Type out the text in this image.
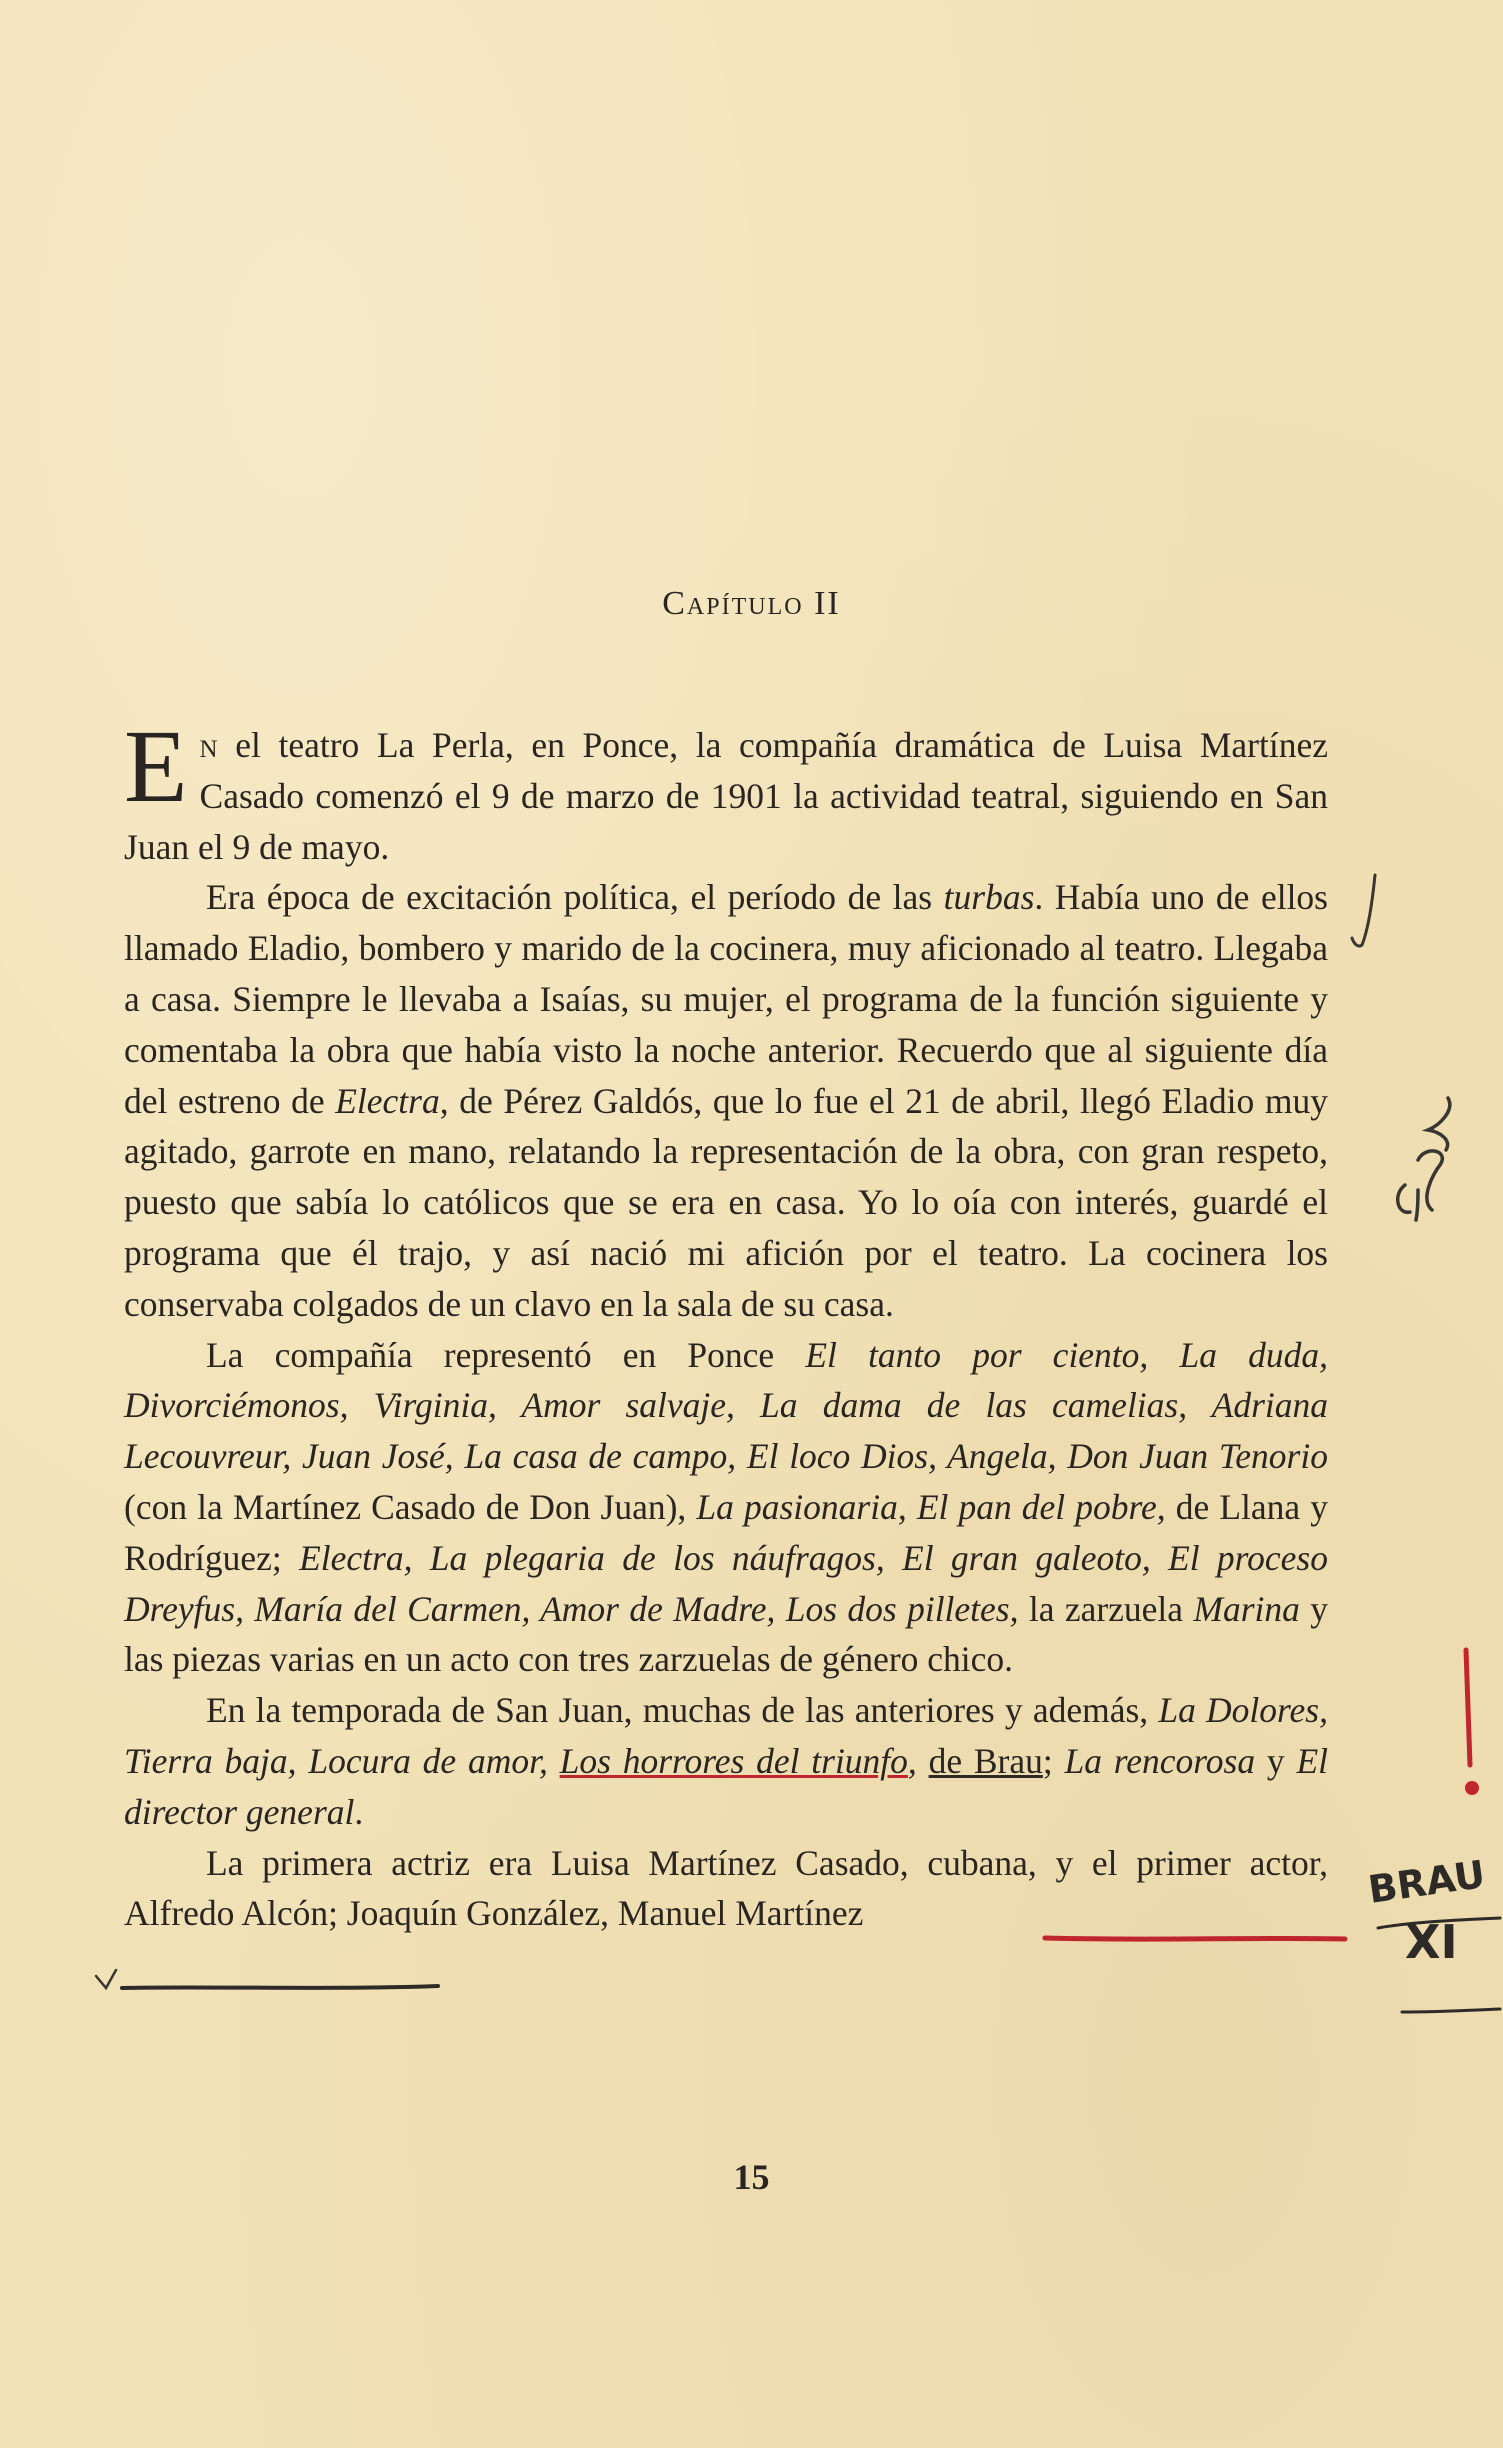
Capítulo II

En el teatro La Perla, en Ponce, la compañía dramática de Luisa Martínez Casado comenzó el 9 de marzo de 1901 la actividad teatral, siguiendo en San Juan el 9 de mayo.

Era época de excitación política, el período de las turbas. Había uno de ellos llamado Eladio, bombero y marido de la cocinera, muy aficionado al teatro. Llegaba a casa. Siempre le llevaba a Isaías, su mujer, el programa de la función siguiente y comentaba la obra que había visto la noche anterior. Recuerdo que al siguiente día del estreno de Electra, de Pérez Galdós, que lo fue el 21 de abril, llegó Eladio muy agitado, garrote en mano, relatando la representación de la obra, con gran respeto, puesto que sabía lo católicos que se era en casa. Yo lo oía con interés, guardé el programa que él trajo, y así nació mi afición por el teatro. La cocinera los conservaba colgados de un clavo en la sala de su casa.

La compañía representó en Ponce El tanto por ciento, La duda, Divorciémonos, Virginia, Amor salvaje, La dama de las camelias, Adriana Lecouvreur, Juan José, La casa de campo, El loco Dios, Angela, Don Juan Tenorio (con la Martínez Casado de Don Juan), La pasionaria, El pan del pobre, de Llana y Rodríguez; Electra, La plegaria de los náufragos, El gran galeoto, El proceso Dreyfus, María del Carmen, Amor de Madre, Los dos pilletes, la zarzuela Marina y las piezas varias en un acto con tres zarzuelas de género chico.

En la temporada de San Juan, muchas de las anteriores y además, La Dolores, Tierra baja, Locura de amor, Los horrores del triunfo, de Brau; La rencorosa y El director general.

La primera actriz era Luisa Martínez Casado, cubana, y el primer actor, Alfredo Alcón; Joaquín González, Manuel Martínez

15
BRAU
XI
